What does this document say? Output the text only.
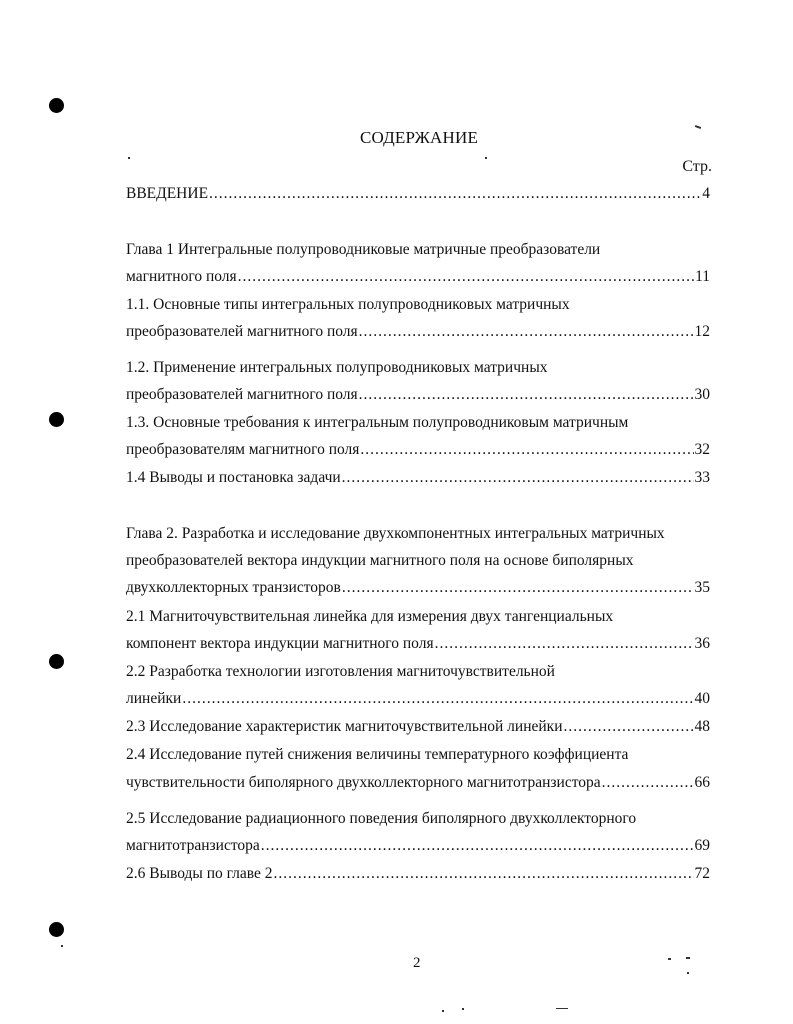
СОДЕРЖАНИЕ
Стр.
ВВЕДЕНИЕ .....	4
Глава 1 Интегральные полупроводниковые матричные преобразователи
магнитного поля .....	11
1.1. Основные типы интегральных полупроводниковых матричных
преобразователей магнитного поля .....	12
1.2. Применение интегральных полупроводниковых матричных
преобразователей магнитного поля .....	30
1.3. Основные требования к интегральным полупроводниковым матричным
преобразователям магнитного поля .....	32
1.4 Выводы и постановка задачи .....	33
Глава 2. Разработка и исследование двухкомпонентных интегральных матричных
преобразователей вектора индукции магнитного поля на основе биполярных
двухколлекторных транзисторов .....	35
2.1 Магниточувствительная линейка для измерения двух тангенциальных
компонент вектора индукции магнитного поля .....	36
2.2 Разработка технологии изготовления магниточувствительной
линейки .....	40
2.3 Исследование характеристик магниточувствительной линейки .....	48
2.4 Исследование путей снижения величины температурного коэффициента
чувствительности биполярного двухколлекторного магнитотранзистора .....	66
2.5 Исследование радиационного поведения биполярного двухколлекторного
магнитотранзистора .....	69
2.6 Выводы по главе 2 .....	72
2
